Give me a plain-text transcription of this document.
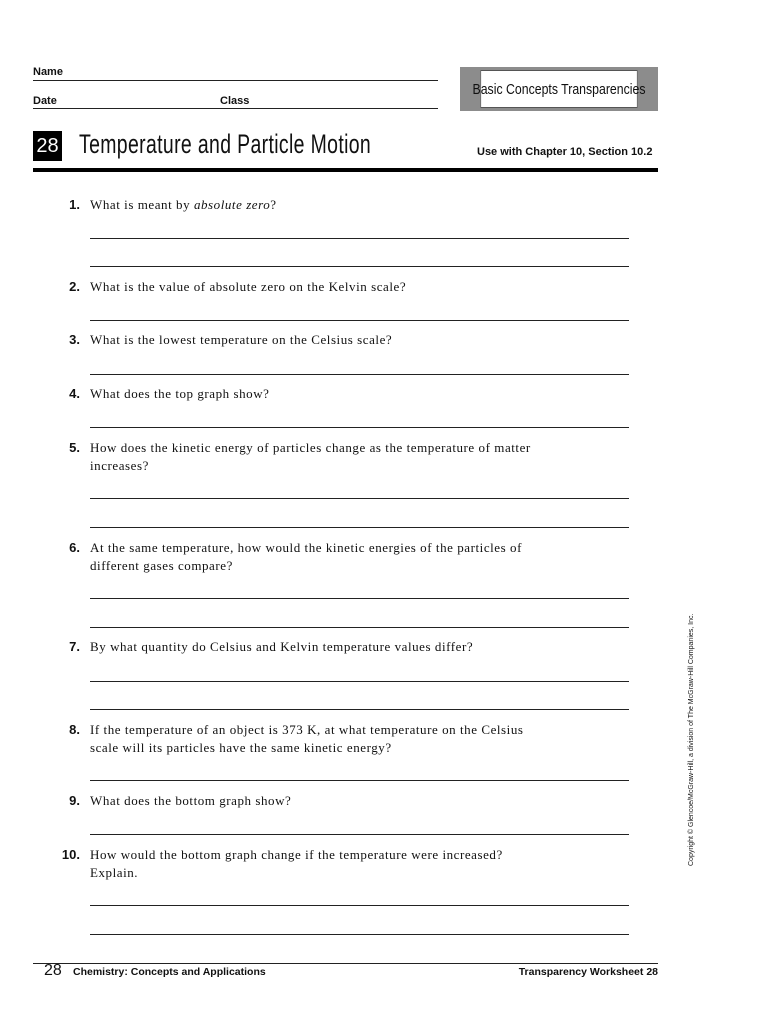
Name
Date	Class
Basic Concepts Transparencies
28 Temperature and Particle Motion	Use with Chapter 10, Section 10.2
1. What is meant by absolute zero?
2. What is the value of absolute zero on the Kelvin scale?
3. What is the lowest temperature on the Celsius scale?
4. What does the top graph show?
5. How does the kinetic energy of particles change as the temperature of matter
increases?
6. At the same temperature, how would the kinetic energies of the particles of
different gases compare?
7. By what quantity do Celsius and Kelvin temperature values differ?
8. If the temperature of an object is 373 K, at what temperature on the Celsius
scale will its particles have the same kinetic energy?
9. What does the bottom graph show?
10. How would the bottom graph change if the temperature were increased?
Explain.
Copyright © Glencoe/McGraw-Hill, a division of The McGraw-Hill Companies, Inc.
28 Chemistry: Concepts and Applications	Transparency Worksheet 28
